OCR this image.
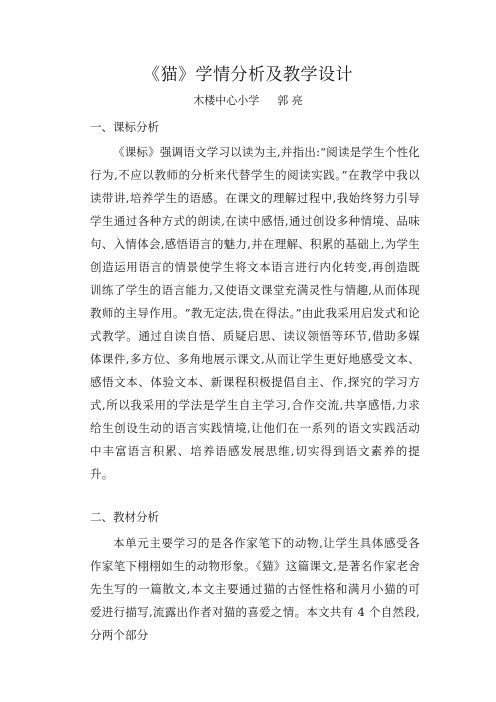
《猫》学情分析及教学设计
木楼中心小学 郭 亮
一、课标分析

《课标》强调语文学习以读为主,并指出:“阅读是学生个性化行为,不应以教师的分析来代替学生的阅读实践。”在教学中我以读带讲,培养学生的语感。在课文的理解过程中,我始终努力引导学生通过各种方式的朗读,在读中感悟,通过创设多种情境、品味句、入情体会,感悟语言的魅力,并在理解、积累的基础上,为学生创造运用语言的情景使学生将文本语言进行内化转变,再创造既训练了学生的语言能力,又使语文课堂充满灵性与情趣,从而体现教师的主导作用。“教无定法,贵在得法。”由此我采用启发式和论式教学。通过自读自悟、质疑启思、读议领悟等环节,借助多媒体课件,多方位、多角地展示课文,从而让学生更好地感受文本、感悟文本、体验文本、新课程积极提倡自主、作,探究的学习方式,所以我采用的学法是学生自主学习,合作交流,共享感悟,力求给生创设生动的语言实践情境,让他们在一系列的语文实践活动中丰富语言积累、培养语感发展思维,切实得到语文素养的提升。

二、教材分析

本单元主要学习的是各作家笔下的动物,让学生具体感受各作家笔下栩栩如生的动物形象。《猫》这篇课文,是著名作家老舍先生写的一篇散文,本文主要通过猫的古怪性格和满月小猫的可爱进行描写,流露出作者对猫的喜爱之情。本文共有 4 个自然段,分两个部分
